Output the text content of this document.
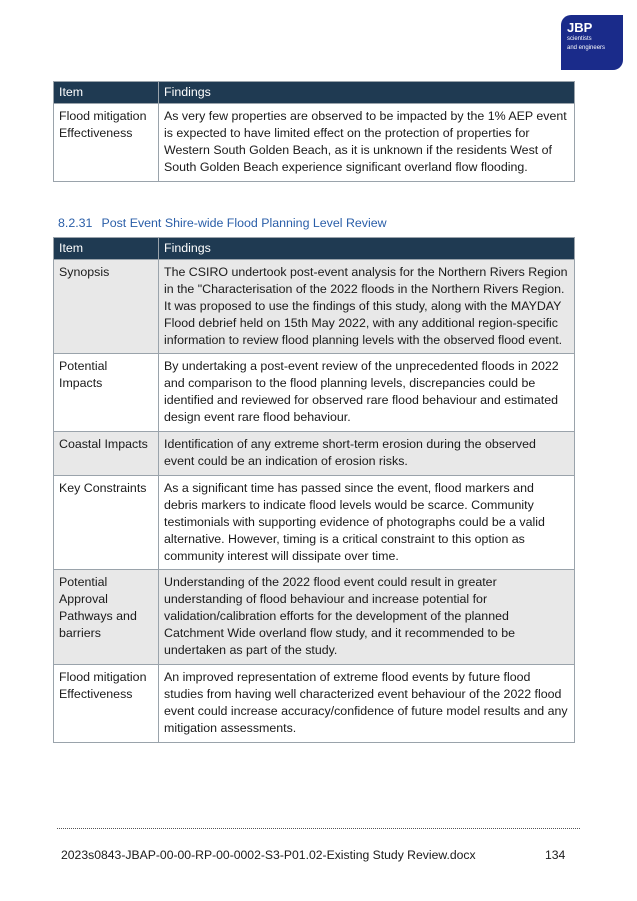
JBP
scientists
and engineers
Item	Findings
Flood mitigation Effectiveness	As very few properties are observed to be impacted by the 1% AEP event is expected to have limited effect on the protection of properties for Western South Golden Beach, as it is unknown if the residents West of South Golden Beach experience significant overland flow flooding.
8.2.31 Post Event Shire-wide Flood Planning Level Review
Item	Findings
Synopsis	The CSIRO undertook post-event analysis for the Northern Rivers Region in the "Characterisation of the 2022 floods in the Northern Rivers Region. It was proposed to use the findings of this study, along with the MAYDAY Flood debrief held on 15th May 2022, with any additional region-specific information to review flood planning levels with the observed flood event.
Potential Impacts	By undertaking a post-event review of the unprecedented floods in 2022 and comparison to the flood planning levels, discrepancies could be identified and reviewed for observed rare flood behaviour and estimated design event rare flood behaviour.
Coastal Impacts	Identification of any extreme short-term erosion during the observed event could be an indication of erosion risks.
Key Constraints	As a significant time has passed since the event, flood markers and debris markers to indicate flood levels would be scarce. Community testimonials with supporting evidence of photographs could be a valid alternative. However, timing is a critical constraint to this option as community interest will dissipate over time.
Potential Approval Pathways and barriers	Understanding of the 2022 flood event could result in greater understanding of flood behaviour and increase potential for validation/calibration efforts for the development of the planned Catchment Wide overland flow study, and it recommended to be undertaken as part of the study.
Flood mitigation Effectiveness	An improved representation of extreme flood events by future flood studies from having well characterized event behaviour of the 2022 flood event could increase accuracy/confidence of future model results and any mitigation assessments.
2023s0843-JBAP-00-00-RP-00-0002-S3-P01.02-Existing Study Review.docx	134
